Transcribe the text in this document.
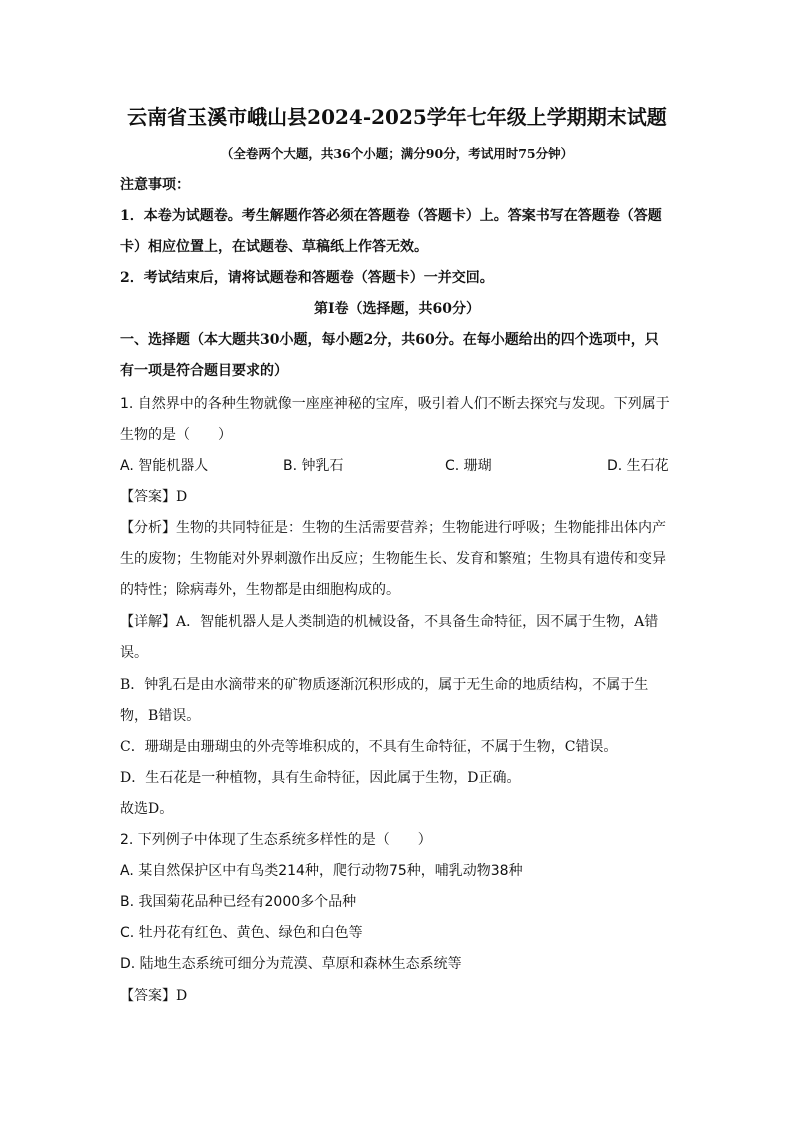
云南省玉溪市峨山县2024-2025学年七年级上学期期末试题
（全卷两个大题，共36个小题；满分90分，考试用时75分钟）
注意事项：
1．本卷为试题卷。考生解题作答必须在答题卷（答题卡）上。答案书写在答题卷（答题
卡）相应位置上，在试题卷、草稿纸上作答无效。
2．考试结束后，请将试题卷和答题卷（答题卡）一并交回。
第Ⅰ卷（选择题，共60分）
一、选择题（本大题共30小题，每小题2分，共60分。在每小题给出的四个选项中，只
有一项是符合题目要求的）
1. 自然界中的各种生物就像一座座神秘的宝库，吸引着人们不断去探究与发现。下列属于
生物的是（　　）
A. 智能机器人	B. 钟乳石	C. 珊瑚	D. 生石花
【答案】D
【分析】生物的共同特征是：生物的生活需要营养；生物能进行呼吸；生物能排出体内产
生的废物；生物能对外界刺激作出反应；生物能生长、发育和繁殖；生物具有遗传和变异
的特性；除病毒外，生物都是由细胞构成的。
【详解】A．智能机器人是人类制造的机械设备，不具备生命特征，因不属于生物，A错
误。
B．钟乳石是由水滴带来的矿物质逐渐沉积形成的，属于无生命的地质结构，不属于生
物，B错误。
C．珊瑚是由珊瑚虫的外壳等堆积成的，不具有生命特征，不属于生物，C错误。
D．生石花是一种植物，具有生命特征，因此属于生物，D正确。
故选D。
2. 下列例子中体现了生态系统多样性的是（　　）
A. 某自然保护区中有鸟类214种，爬行动物75种，哺乳动物38种
B. 我国菊花品种已经有2000多个品种
C. 牡丹花有红色、黄色、绿色和白色等
D. 陆地生态系统可细分为荒漠、草原和森林生态系统等
【答案】D
